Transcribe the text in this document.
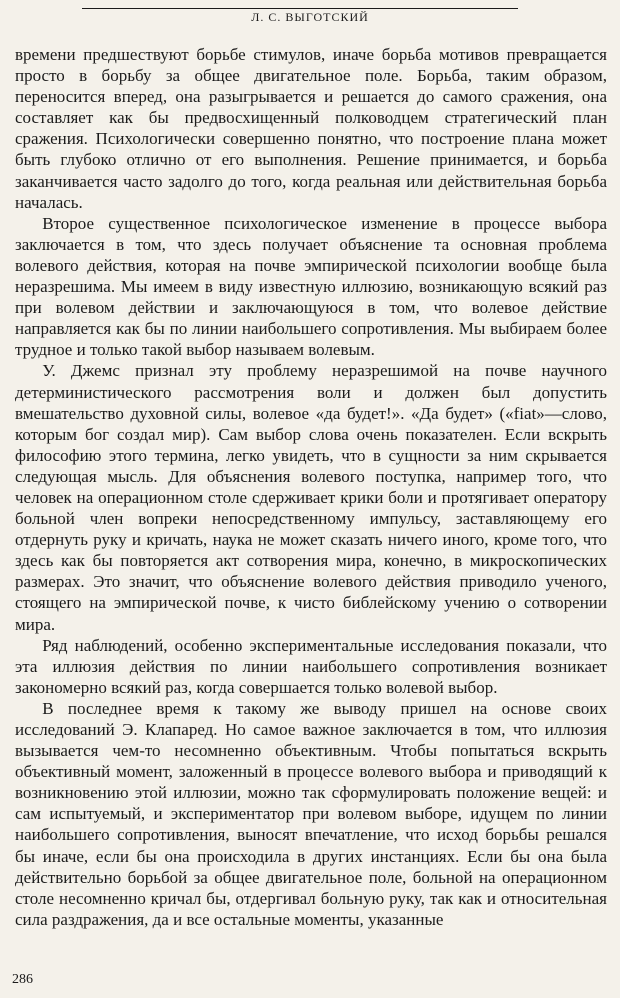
Л. С. ВЫГОТСКИЙ

времени предшествуют борьбе стимулов, иначе борьба мотивов превращается просто в борьбу за общее двигательное поле. Борьба, таким образом, переносится вперед, она разыгрывается и решается до самого сражения, она составляет как бы предвосхищенный полководцем стратегический план сражения. Психологически совершенно понятно, что построение плана может быть глубоко отлично от его выполнения. Решение принимается, и борьба заканчивается часто задолго до того, когда реальная или действительная борьба началась.

Второе существенное психологическое изменение в процессе выбора заключается в том, что здесь получает объяснение та основная проблема волевого действия, которая на почве эмпирической психологии вообще была неразрешима. Мы имеем в виду известную иллюзию, возникающую всякий раз при волевом действии и заключающуюся в том, что волевое действие направляется как бы по линии наибольшего сопротивления. Мы выбираем более трудное и только такой выбор называем волевым.

У. Джемс признал эту проблему неразрешимой на почве научного детерминистического рассмотрения воли и должен был допустить вмешательство духовной силы, волевое «да будет!». «Да будет» («fiat»—слово, которым бог создал мир). Сам выбор слова очень показателен. Если вскрыть философию этого термина, легко увидеть, что в сущности за ним скрывается следующая мысль. Для объяснения волевого поступка, например того, что человек на операционном столе сдерживает крики боли и протягивает оператору больной член вопреки непосредственному импульсу, заставляющему его отдернуть руку и кричать, наука не может сказать ничего иного, кроме того, что здесь как бы повторяется акт сотворения мира, конечно, в микроскопических размерах. Это значит, что объяснение волевого действия приводило ученого, стоящего на эмпирической почве, к чисто библейскому учению о сотворении мира.

Ряд наблюдений, особенно экспериментальные исследования показали, что эта иллюзия действия по линии наибольшего сопротивления возникает закономерно всякий раз, когда совершается только волевой выбор.

В последнее время к такому же выводу пришел на основе своих исследований Э. Клапаред. Но самое важное заключается в том, что иллюзия вызывается чем-то несомненно объективным. Чтобы попытаться вскрыть объективный момент, заложенный в процессе волевого выбора и приводящий к возникновению этой иллюзии, можно так сформулировать положение вещей: и сам испытуемый, и экспериментатор при волевом выборе, идущем по линии наибольшего сопротивления, выносят впечатление, что исход борьбы решался бы иначе, если бы она происходила в других инстанциях. Если бы она была действительно борьбой за общее двигательное поле, больной на операционном столе несомненно кричал бы, отдергивал больную руку, так как и относительная сила раздражения, да и все остальные моменты, указанные

286
